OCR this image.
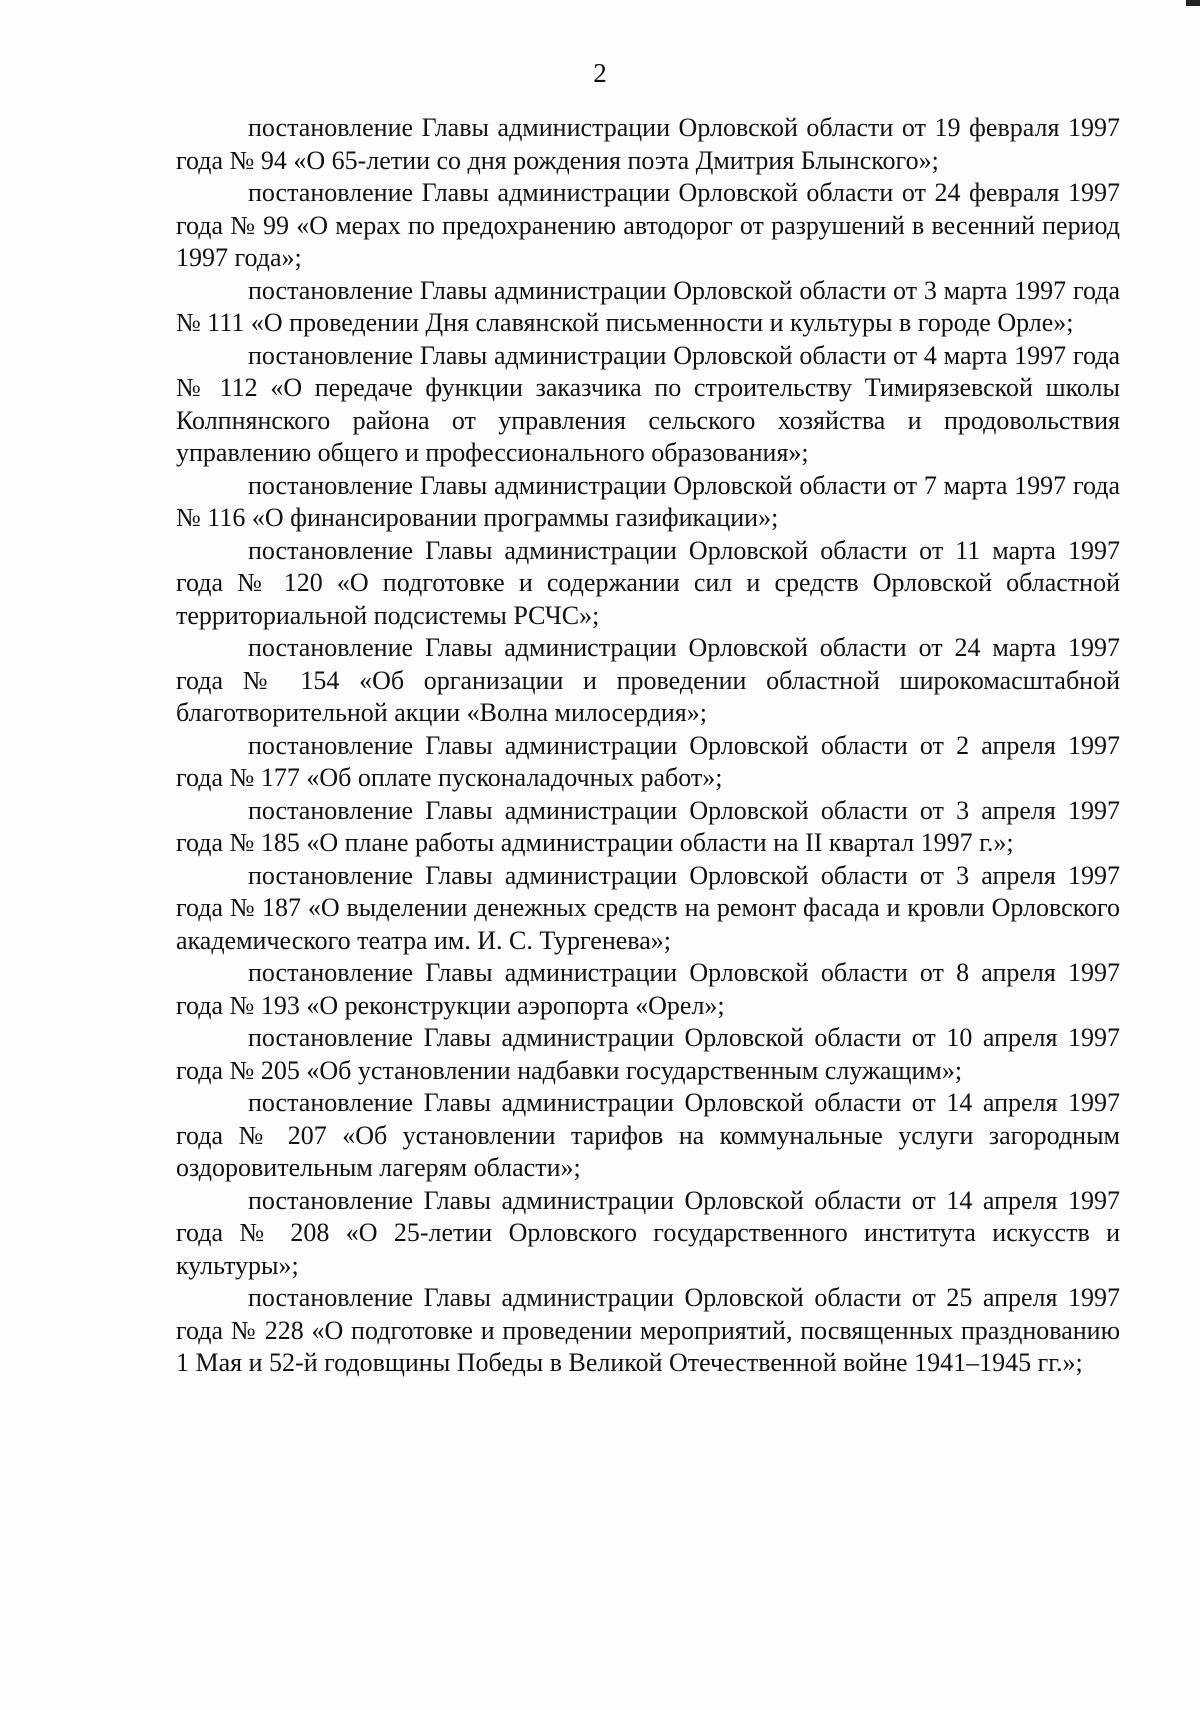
2

постановление Главы администрации Орловской области от 19 февраля 1997 года № 94 «О 65-летии со дня рождения поэта Дмитрия Блынского»;

постановление Главы администрации Орловской области от 24 февраля 1997 года № 99 «О мерах по предохранению автодорог от разрушений в весенний период 1997 года»;

постановление Главы администрации Орловской области от 3 марта 1997 года № 111 «О проведении Дня славянской письменности и культуры в городе Орле»;

постановление Главы администрации Орловской области от 4 марта 1997 года № 112 «О передаче функции заказчика по строительству Тимирязевской школы Колпнянского района от управления сельского хозяйства и продовольствия управлению общего и профессионального образования»;

постановление Главы администрации Орловской области от 7 марта 1997 года № 116 «О финансировании программы газификации»;

постановление Главы администрации Орловской области от 11 марта 1997 года № 120 «О подготовке и содержании сил и средств Орловской областной территориальной подсистемы РСЧС»;

постановление Главы администрации Орловской области от 24 марта 1997 года № 154 «Об организации и проведении областной широкомасштабной благотворительной акции «Волна милосердия»;

постановление Главы администрации Орловской области от 2 апреля 1997 года № 177 «Об оплате пусконаладочных работ»;

постановление Главы администрации Орловской области от 3 апреля 1997 года № 185 «О плане работы администрации области на II квартал 1997 г.»;

постановление Главы администрации Орловской области от 3 апреля 1997 года № 187 «О выделении денежных средств на ремонт фасада и кровли Орловского академического театра им. И. С. Тургенева»;

постановление Главы администрации Орловской области от 8 апреля 1997 года № 193 «О реконструкции аэропорта «Орел»;

постановление Главы администрации Орловской области от 10 апреля 1997 года № 205 «Об установлении надбавки государственным служащим»;

постановление Главы администрации Орловской области от 14 апреля 1997 года № 207 «Об установлении тарифов на коммунальные услуги загородным оздоровительным лагерям области»;

постановление Главы администрации Орловской области от 14 апреля 1997 года № 208 «О 25-летии Орловского государственного института искусств и культуры»;

постановление Главы администрации Орловской области от 25 апреля 1997 года № 228 «О подготовке и проведении мероприятий, посвященных празднованию 1 Мая и 52-й годовщины Победы в Великой Отечественной войне 1941–1945 гг.»;
